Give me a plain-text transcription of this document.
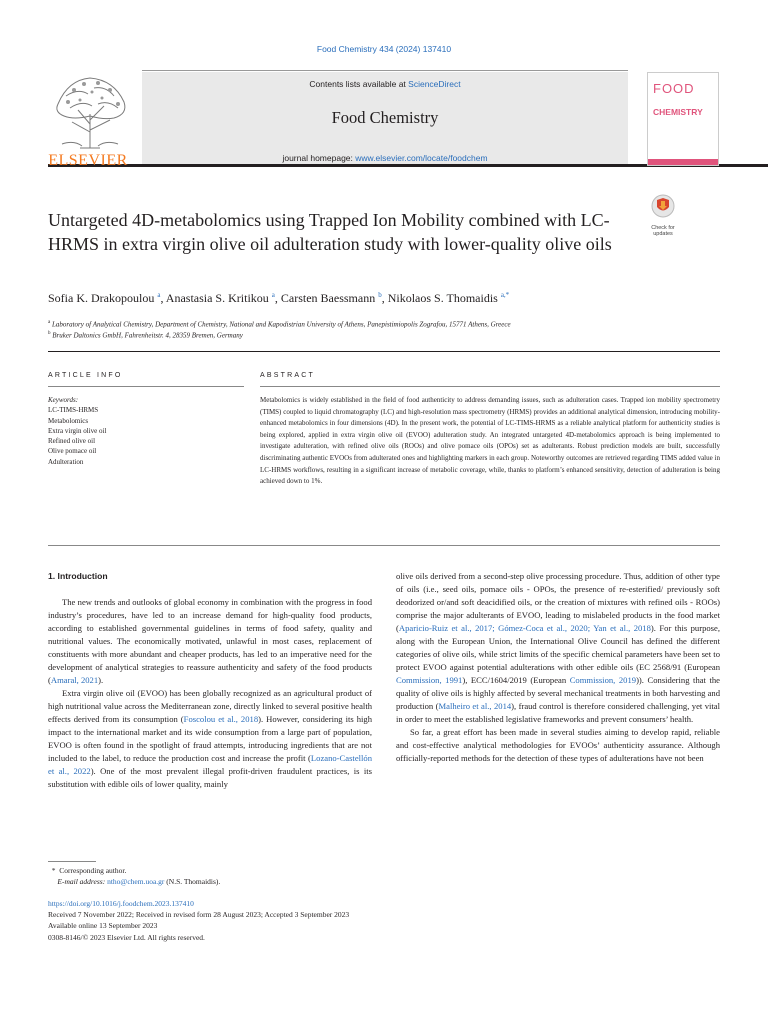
Food Chemistry 434 (2024) 137410
ELSEVIER
Contents lists available at ScienceDirect
Food Chemistry
journal homepage: www.elsevier.com/locate/foodchem
FOOD
CHEMISTRY
Check for
updates
Untargeted 4D-metabolomics using Trapped Ion Mobility combined with LC-HRMS in extra virgin olive oil adulteration study with lower-quality olive oils
Sofia K. Drakopoulou $^a$, Anastasia S. Kritikou $^a$, Carsten Baessmann $^b$, Nikolaos S. Thomaidis $^{a,*}$
$^a$ Laboratory of Analytical Chemistry, Department of Chemistry, National and Kapodistrian University of Athens, Panepistimiopolis Zografou, 15771 Athens, Greece
$^b$ Bruker Daltonics GmbH, Fahrenheitstr. 4, 28359 Bremen, Germany
ARTICLE INFO
Keywords:
LC-TIMS-HRMS
Metabolomics
Extra virgin olive oil
Refined olive oil
Olive pomace oil
Adulteration
ABSTRACT
Metabolomics is widely established in the field of food authenticity to address demanding issues, such as adulteration cases. Trapped ion mobility spectrometry (TIMS) coupled to liquid chromatography (LC) and high-resolution mass spectrometry (HRMS) provides an additional analytical dimension, introducing mobility-enhanced metabolomics in four dimensions (4D). In the present work, the potential of LC-TIMS-HRMS as a reliable analytical platform for authenticity studies is being explored, applied in extra virgin olive oil (EVOO) adulteration study. An integrated untargeted 4D-metabolomics approach is being implemented to investigate adulteration, with refined olive oils (ROOs) and olive pomace oils (OPOs) set as adulterants. Robust prediction models are built, successfully discriminating authentic EVOOs from adulterated ones and highlighting markers in each group. Noteworthy outcomes are retrieved regarding TIMS added value in LC-HRMS workflows, resulting in a significant increase of metabolic coverage, while, thanks to platform’s enhanced sensitivity, detection of adulteration is being achieved down to 1%.
1. Introduction

The new trends and outlooks of global economy in combination with the progress in food industry’s procedures, have led to an increase demand for high-quality food products, according to established governmental guidelines in terms of food safety, quality and nutritional values. The economically motivated, unlawful in most cases, replacement of constituents with more abundant and cheaper products, has led to an imperative need for the development of analytical strategies to reassure authenticity and safety of the food products (Amaral, 2021).

Extra virgin olive oil (EVOO) has been globally recognized as an agricultural product of high nutritional value across the Mediterranean zone, directly linked to several positive health effects derived from its consumption (Foscolou et al., 2018). However, considering its high impact to the international market and its wide consumption from a large part of population, EVOO is often found in the spotlight of fraud attempts, introducing ingredients that are not included to the label, to reduce the production cost and increase the profit (Lozano-Castellón et al., 2022). One of the most prevalent illegal profit-driven fraudulent practices, is its substitution with edible oils of lower quality, mainly

olive oils derived from a second-step olive processing procedure. Thus, addition of other type of oils (i.e., seed oils, pomace oils - OPOs, the presence of re-esterified/ previously soft deodorized or/and soft deacidified oils, or the creation of mixtures with refined oils - ROOs) comprise the major adulterants of EVOO, leading to mislabeled products in the food market (Aparicio-Ruiz et al., 2017; Gómez-Coca et al., 2020; Yan et al., 2018). For this purpose, along with the European Union, the International Olive Council has defined the different categories of olive oils, while strict limits of the specific chemical parameters have been set to protect EVOO against potential adulterations with other edible oils (EC 2568/91 (European Commission, 1991), ECC/1604/2019 (European Commission, 2019)). Considering that the quality of olive oils is highly affected by several mechanical treatments in both harvesting and production (Malheiro et al., 2014), fraud control is therefore considered challenging, yet vital in order to meet the established legislative frameworks and prevent consumers’ health.

So far, a great effort has been made in several studies aiming to develop rapid, reliable and cost-effective analytical methodologies for EVOOs’ authenticity assurance. Although officially-reported methods for the detection of these types of adulterations have not been

* Corresponding author.
E-mail address: ntho@chem.uoa.gr (N.S. Thomaidis).
https://doi.org/10.1016/j.foodchem.2023.137410
Received 7 November 2022; Received in revised form 28 August 2023; Accepted 3 September 2023
Available online 13 September 2023
0308-8146/© 2023 Elsevier Ltd. All rights reserved.
